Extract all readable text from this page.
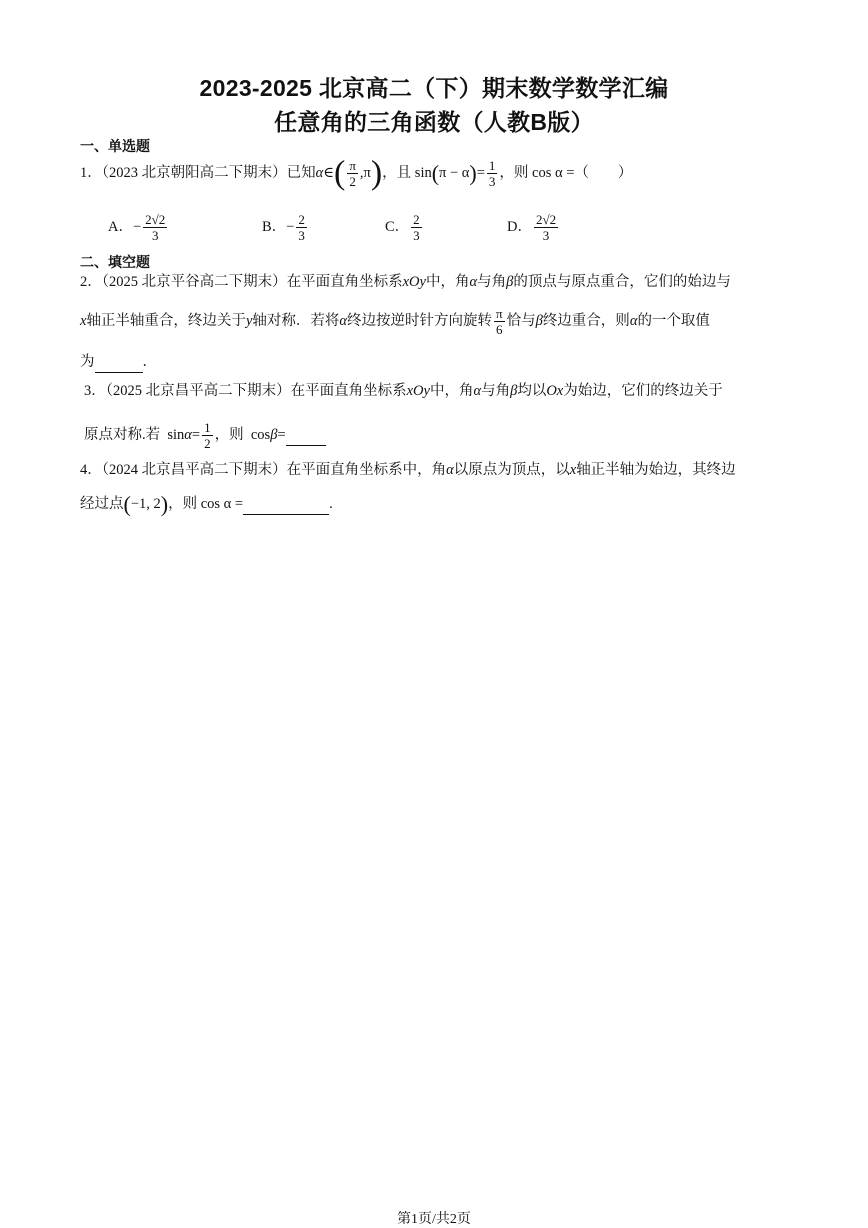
2023-2025 北京高二（下）期末数学数学汇编
任意角的三角函数（人教B版）
一、单选题
1．（2023 北京朝阳高二下期末）已知α∈( $\frac{\pi}{2} ,\pi$)，且 $\sin(\pi - \alpha)= \frac{1}{3}$ ，则 cos α =（　　）
A．− $\frac{2√2}{3}$	B．− $\frac{2}{3}$	C． $\frac{2}{3}$	D． $\frac{2√2}{3}$
二、填空题
2．（2025 北京平谷高二下期末）在平面直角坐标系xOy中，角α与角β的顶点与原点重合，它们的始边与
x轴正半轴重合，终边关于y轴对称．若将α终边按逆时针方向旋转 $\frac{\pi}{6}$ 恰与β终边重合，则α的一个取值
为	．
3．（2025 北京昌平高二下期末）在平面直角坐标系xOy中，角α与角β均以Ox为始边，它们的终边关于
原点对称.若 $\sin\alpha= \frac{1}{2}$ ，则 cosβ=
4．（2024 北京昌平高二下期末）在平面直角坐标系中，角α以原点为顶点，以x轴正半轴为始边，其终边
经过点(−1, 2)，则 cos α =	.
第1页/共2页
